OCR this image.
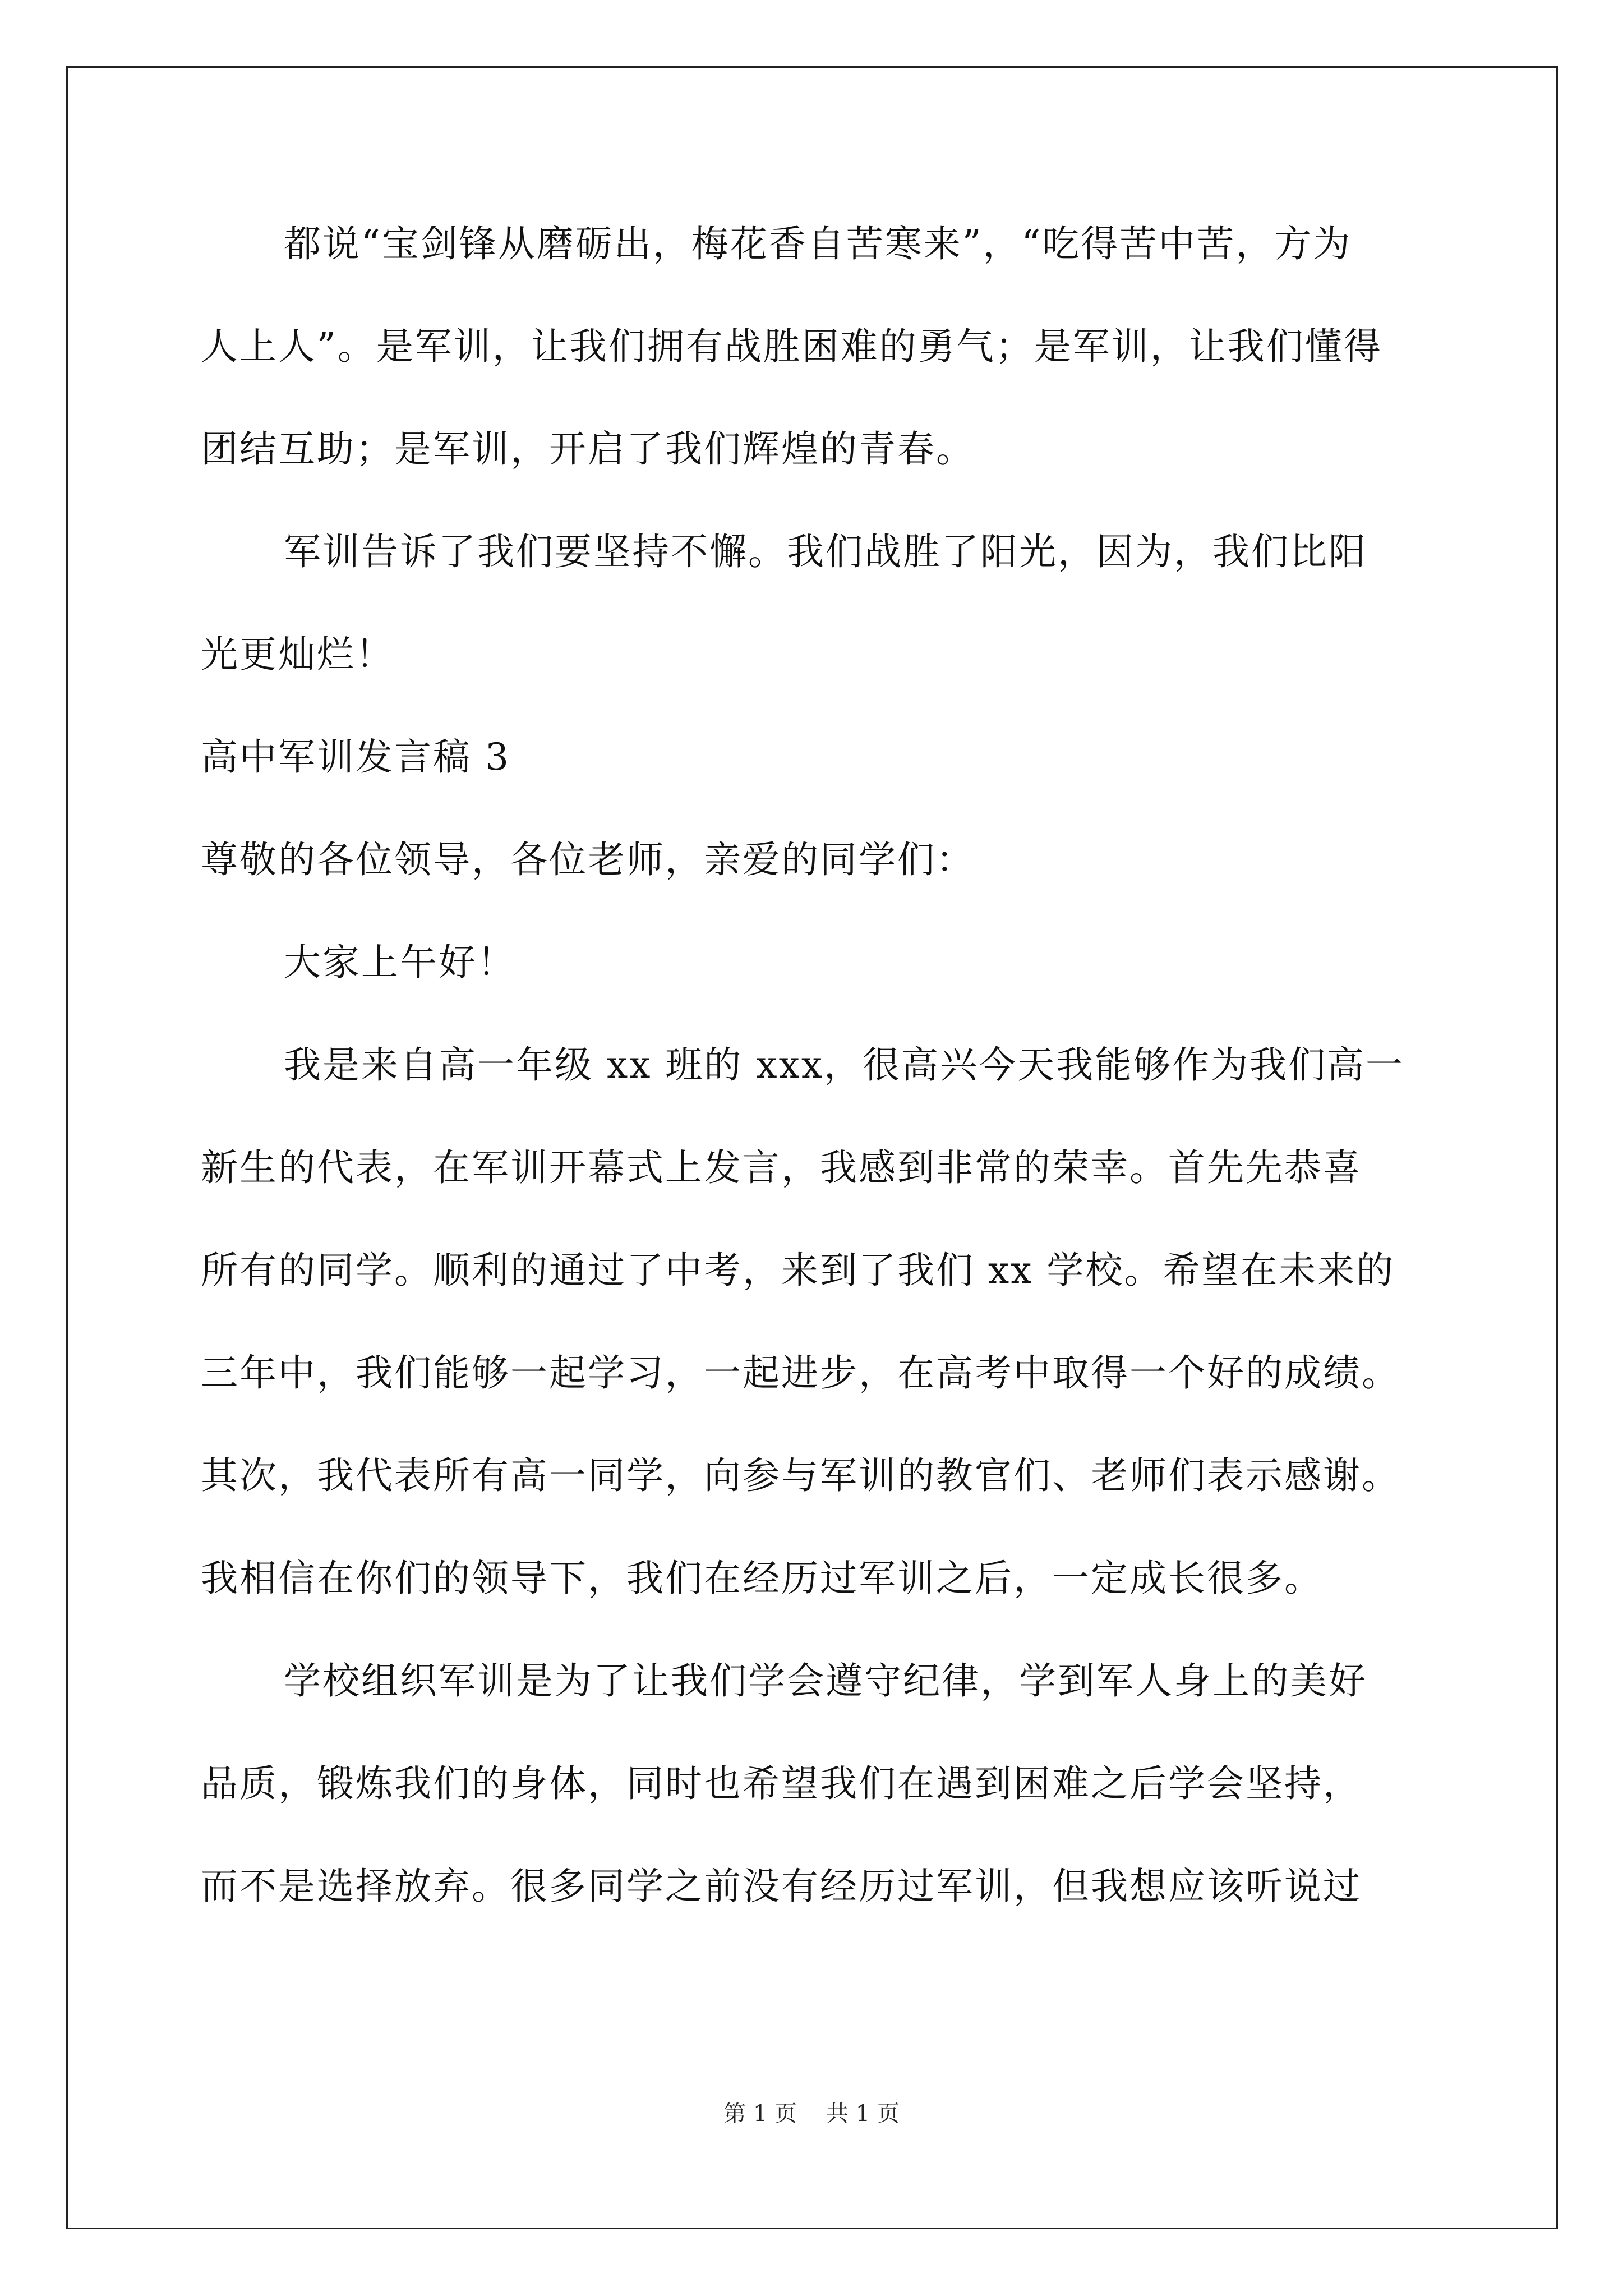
都说“宝剑锋从磨砺出，梅花香自苦寒来”，“吃得苦中苦，方为
人上人”。是军训，让我们拥有战胜困难的勇气；是军训，让我们懂得
团结互助；是军训，开启了我们辉煌的青春。
军训告诉了我们要坚持不懈。我们战胜了阳光，因为，我们比阳
光更灿烂！
高中军训发言稿 3
尊敬的各位领导，各位老师，亲爱的同学们：
大家上午好！
我是来自高一年级 xx 班的 xxx，很高兴今天我能够作为我们高一
新生的代表，在军训开幕式上发言，我感到非常的荣幸。首先先恭喜
所有的同学。顺利的通过了中考，来到了我们 xx 学校。希望在未来的
三年中，我们能够一起学习，一起进步，在高考中取得一个好的成绩。
其次，我代表所有高一同学，向参与军训的教官们、老师们表示感谢。
我相信在你们的领导下，我们在经历过军训之后，一定成长很多。
学校组织军训是为了让我们学会遵守纪律，学到军人身上的美好
品质，锻炼我们的身体，同时也希望我们在遇到困难之后学会坚持，
而不是选择放弃。很多同学之前没有经历过军训，但我想应该听说过
第 1 页 共 1 页
